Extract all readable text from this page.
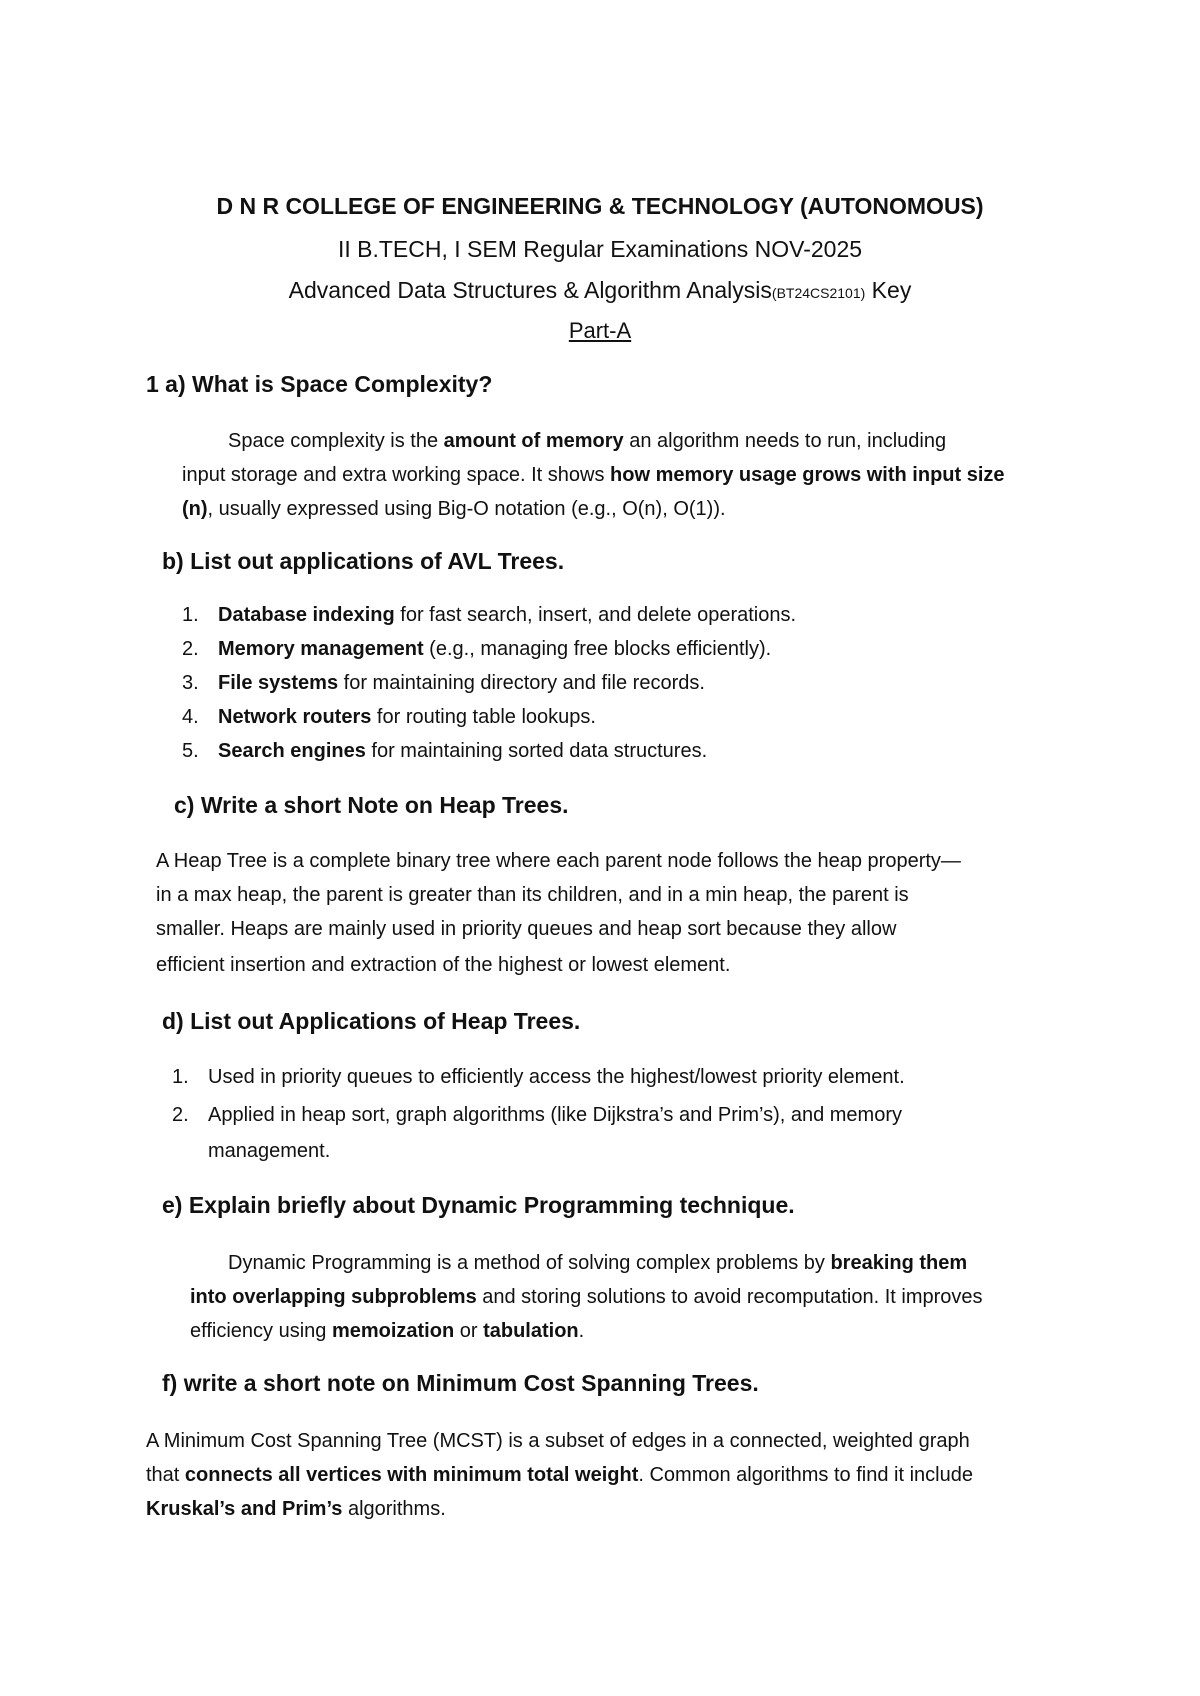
D N R COLLEGE OF ENGINEERING & TECHNOLOGY (AUTONOMOUS)
II B.TECH, I SEM Regular Examinations NOV-2025
Advanced Data Structures & Algorithm Analysis(BT24CS2101) Key
Part-A
1 a) What is Space Complexity?
Space complexity is the amount of memory an algorithm needs to run, including
input storage and extra working space. It shows how memory usage grows with input size
(n), usually expressed using Big-O notation (e.g., O(n), O(1)).
b) List out applications of AVL Trees.
1. Database indexing for fast search, insert, and delete operations.
2. Memory management (e.g., managing free blocks efficiently).
3. File systems for maintaining directory and file records.
4. Network routers for routing table lookups.
5. Search engines for maintaining sorted data structures.
c) Write a short Note on Heap Trees.
A Heap Tree is a complete binary tree where each parent node follows the heap property—
in a max heap, the parent is greater than its children, and in a min heap, the parent is
smaller. Heaps are mainly used in priority queues and heap sort because they allow
efficient insertion and extraction of the highest or lowest element.
d) List out Applications of Heap Trees.
1. Used in priority queues to efficiently access the highest/lowest priority element.
2. Applied in heap sort, graph algorithms (like Dijkstra’s and Prim’s), and memory
management.
e) Explain briefly about Dynamic Programming technique.
Dynamic Programming is a method of solving complex problems by breaking them
into overlapping subproblems and storing solutions to avoid recomputation. It improves
efficiency using memoization or tabulation.
f) write a short note on Minimum Cost Spanning Trees.
A Minimum Cost Spanning Tree (MCST) is a subset of edges in a connected, weighted graph
that connects all vertices with minimum total weight. Common algorithms to find it include
Kruskal’s and Prim’s algorithms.
